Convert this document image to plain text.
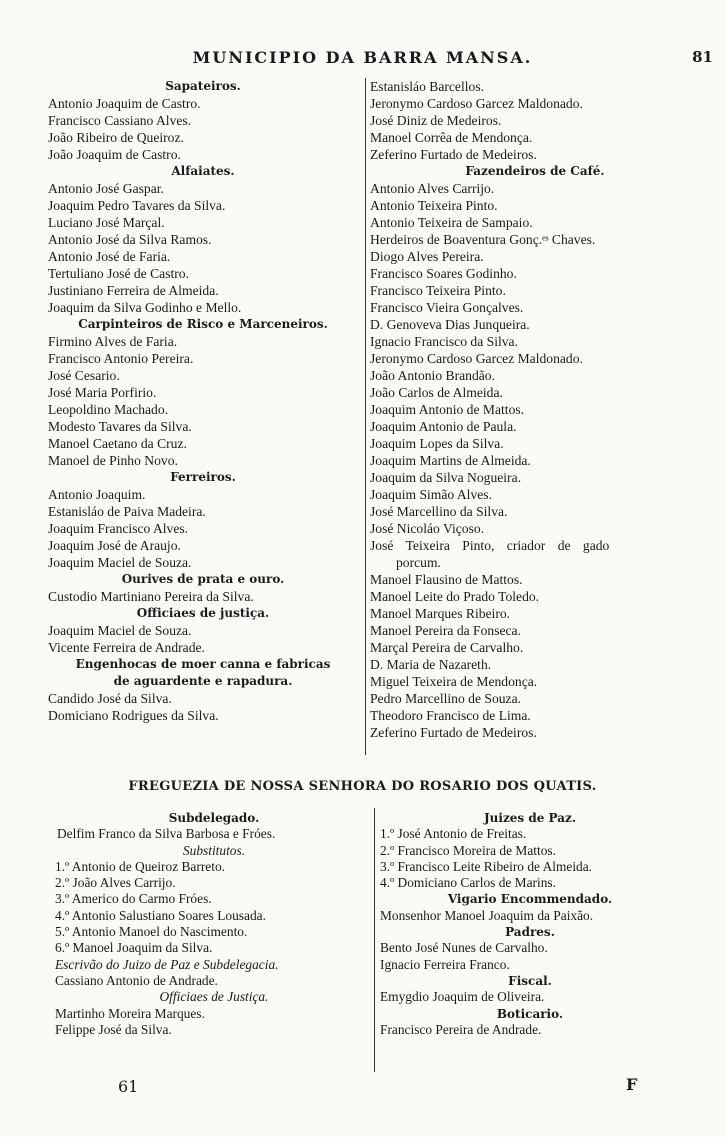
MUNICIPIO DA BARRA MANSA.	81
Sapateiros.
Antonio Joaquim de Castro.
Francisco Cassiano Alves.
João Ribeiro de Queiroz.
João Joaquim de Castro.
Alfaiates.
Antonio José Gaspar.
Joaquim Pedro Tavares da Silva.
Luciano José Marçal.
Antonio José da Silva Ramos.
Antonio José de Faria.
Tertuliano José de Castro.
Justiniano Ferreira de Almeida.
Joaquim da Silva Godinho e Mello.
Carpinteiros de Risco e Marceneiros.
Firmino Alves de Faria.
Francisco Antonio Pereira.
José Cesario.
José Maria Porfirio.
Leopoldino Machado.
Modesto Tavares da Silva.
Manoel Caetano da Cruz.
Manoel de Pinho Novo.
Ferreiros.
Antonio Joaquim.
Estanisláo de Paiva Madeira.
Joaquim Francisco Alves.
Joaquim José de Araujo.
Joaquim Maciel de Souza.
Ourives de prata e ouro.
Custodio Martiniano Pereira da Silva.
Officiaes de justiça.
Joaquim Maciel de Souza.
Vicente Ferreira de Andrade.
Engenhocas de moer canna e fabricas
de aguardente e rapadura.
Candido José da Silva.
Domiciano Rodrigues da Silva.
Estanisláo Barcellos.
Jeronymo Cardoso Garcez Maldonado.
José Diniz de Medeiros.
Manoel Corrêa de Mendonça.
Zeferino Furtado de Medeiros.
Fazendeiros de Café.
Antonio Alves Carrijo.
Antonio Teixeira Pinto.
Antonio Teixeira de Sampaio.
Herdeiros de Boaventura Gonç.ᵉˢ Chaves.
Diogo Alves Pereira.
Francisco Soares Godinho.
Francisco Teixeira Pinto.
Francisco Vieira Gonçalves.
D. Genoveva Dias Junqueira.
Ignacio Francisco da Silva.
Jeronymo Cardoso Garcez Maldonado.
João Antonio Brandão.
João Carlos de Almeida.
Joaquim Antonio de Mattos.
Joaquim Antonio de Paula.
Joaquim Lopes da Silva.
Joaquim Martins de Almeida.
Joaquim da Silva Nogueira.
Joaquim Simão Alves.
José Marcellino da Silva.
José Nicoláo Viçoso.
José Teixeira Pinto, criador de gado
porcum.
Manoel Flausino de Mattos.
Manoel Leite do Prado Toledo.
Manoel Marques Ribeiro.
Manoel Pereira da Fonseca.
Marçal Pereira de Carvalho.
D. Maria de Nazareth.
Miguel Teixeira de Mendonça.
Pedro Marcellino de Souza.
Theodoro Francisco de Lima.
Zeferino Furtado de Medeiros.
FREGUEZIA DE NOSSA SENHORA DO ROSARIO DOS QUATIS.
Subdelegado.
Delfim Franco da Silva Barbosa e Fróes.
Substitutos.
1.º Antonio de Queiroz Barreto.
2.º João Alves Carrijo.
3.º Americo do Carmo Fróes.
4.º Antonio Salustiano Soares Lousada.
5.º Antonio Manoel do Nascimento.
6.º Manoel Joaquim da Silva.
Escrivão do Juizo de Paz e Subdelegacia.
Cassiano Antonio de Andrade.
Officiaes de Justiça.
Martinho Moreira Marques.
Felippe José da Silva.
Juizes de Paz.
1.º José Antonio de Freitas.
2.º Francisco Moreira de Mattos.
3.º Francisco Leite Ribeiro de Almeida.
4.º Domiciano Carlos de Marins.
Vigario Encommendado.
Monsenhor Manoel Joaquim da Paixão.
Padres.
Bento José Nunes de Carvalho.
Ignacio Ferreira Franco.
Fiscal.
Emygdio Joaquim de Oliveira.
Boticario.
Francisco Pereira de Andrade.
61	F
